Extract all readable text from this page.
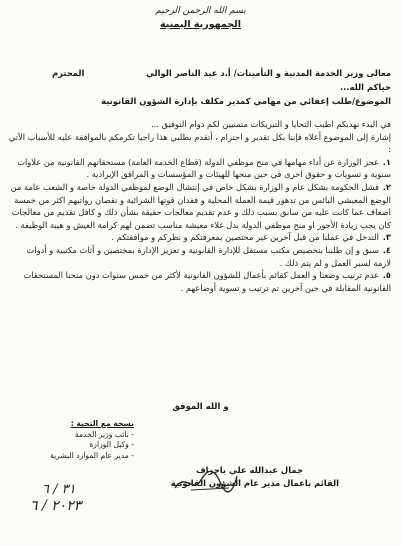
بسم الله الرحمن الرحيم
الجمهورية اليمنية
معالى وزير الخدمة المدنية و التأمينات/ أ.د عبد الناصر الوالي
المحترم
حياكم الله...
الموضوع/طلب إعفائي من مهامي كمدير مكلف بإدارة الشؤون القانونية

في البدء نهديكم اطيب التحايا و التبريكات متمنيين لكم دوام التوفيق ...

إشارة إلى الموضوع أعلاه فإننا بكل تقدير و احترام ، أتقدم بطلبي هذا راجيا تكرمكم بالموافقة عليه للأسباب الآتي :

١.عجز الوزارة عن أداء مهامها في منح موظفي الدولة (قطاع الخدمة العامة) مستحقاتهم القانونية من علاوات سنوية و تسويات و حقوق اخرى في حين منحها للهيئات و المؤسسات و المرافق الإيرادية .

٢.فشل الحكومة بشكل عام و الوزارة بشكل خاص في إنتشال الوضع لموظفي الدولة خاصة و الشعب عامة من الوضع المعيشي البائس من تدهور قيمة العملة المحلية و فقدان قوتها الشرائية و نقصان رواتبهم اكثر من خمسة اضعاف عما كانت عليه من سابق بسبب ذلك و عدم تقديم معالجات حقيقة بشأن ذلك و كافل تقديم من معالجات كان يجب زيادة الأجور او منح موظفي الدولة بدل غلاء معيشة مناسب تضمن لهم كرامة العيش و هيبة الوظيفة .

٣.التدخل في عملنا من قبل آخرين غير مختصين بمعرفتكم و نظركم و موافقتكم .

٤.سبق و إن طلبنا بتخصيص مكتب مستقل للإدارة القانونية و تعزيز الإدارة بمختصين و أثاث مكتبية و أدوات لازمة لسير العمل و لم يتم ذلك .

٥.عدم ترتيب وضعنا و العمل كقائم بأعمال للشؤون القانونية لأكثر من خمس سنوات دون منحنا المستحقات القانونية المقابلة في حين آخرين تم ترتيب و تسوية أوضاعهم .

و الله الموفق
نسخة مع التحية :
- نائب وزير الخدمة
- وكيل الوزارة
- مدير عام الموارد البشرية
جمال عبدالله علي باجزاف
القائم باعمال مدير عام الشؤون القانونية
٣١ / ٦
٢٠٢٣ / ٦
